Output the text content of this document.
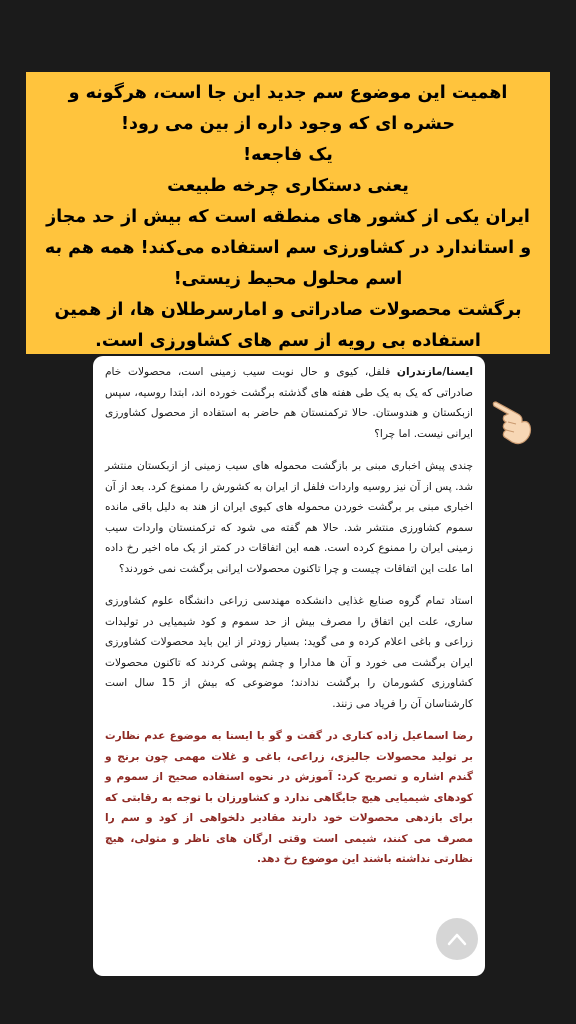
اهمیت این موضوع سم جدید این جا است، هرگونه و حشره ای که وجود داره از بین می رود!

یک فاجعه!

یعنی دستکاری چرخه طبیعت

ایران یکی از کشور های منطقه است که بیش از حد مجاز و استاندارد در کشاورزی سم استفاده می‌کند! همه هم به اسم محلول محیط زیستی!

برگشت محصولات صادراتی و امارسرطلان ها، از همین استفاده بی رویه از سم های کشاورزی است.

ایسنا/مازندران فلفل، کیوی و حال نوبت سیب زمینی است، محصولات خام صادراتی که یک به یک طی هفته های گذشته برگشت خورده اند، ابتدا روسیه، سپس ازبکستان و هندوستان. حالا ترکمنستان هم حاضر به استفاده از محصول کشاورزی ایرانی نیست. اما چرا؟

چندی پیش اخباری مبنی بر بازگشت محموله های سیب زمینی از ازبکستان منتشر شد. پس از آن نیز روسیه واردات فلفل از ایران به کشورش را ممنوع کرد. بعد از آن اخباری مبنی بر برگشت خوردن محموله های کیوی ایران از هند به دلیل باقی مانده سموم کشاورزی منتشر شد. حالا هم گفته می شود که ترکمنستان واردات سیب زمینی ایران را ممنوع کرده است. همه این اتفاقات در کمتر از یک ماه اخیر رخ داده اما علت این اتفاقات چیست و چرا تاکنون محصولات ایرانی برگشت نمی خوردند؟

استاد تمام گروه صنایع غذایی دانشکده مهندسی زراعی دانشگاه علوم کشاورزی ساری، علت این اتفاق را مصرف بیش از حد سموم و کود شیمیایی در تولیدات زراعی و باغی اعلام کرده و می گوید: بسیار زودتر از این باید محصولات کشاورزی ایران برگشت می خورد و آن ها مدارا و چشم پوشی کردند که تاکنون محصولات کشاورزی کشورمان را برگشت ندادند؛ موضوعی که بیش از 15 سال است کارشناسان آن را فریاد می زنند.

رضا اسماعیل زاده کناری در گفت و گو با ایسنا به موضوع عدم نظارت بر تولید محصولات جالیزی، زراعی، باغی و غلات مهمی چون برنج و گندم اشاره و تصریح کرد: آموزش در نحوه استفاده صحیح از سموم و کودهای شیمیایی هیچ جایگاهی ندارد و کشاورزان با توجه به رقابتی که برای بازدهی محصولات خود دارند مقادیر دلخواهی از کود و سم را مصرف می کنند، شیمی است وقتی ارگان های ناظر و متولی، هیچ نظارتی نداشته باشند این موضوع رخ دهد.
